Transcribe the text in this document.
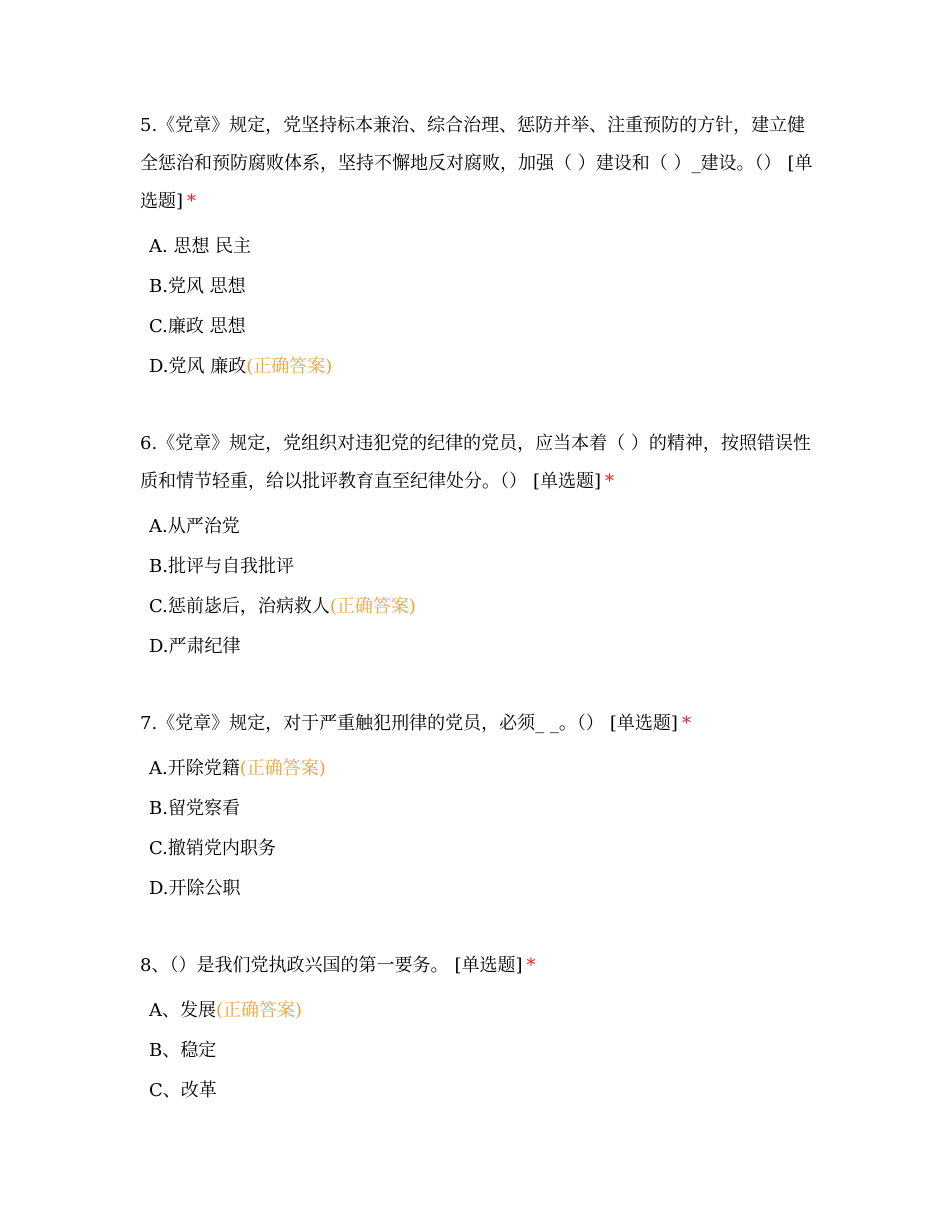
5.《党章》规定，党坚持标本兼治、综合治理、惩防并举、注重预防的方针，建立健全惩治和预防腐败体系，坚持不懈地反对腐败，加强（ ）建设和（ ）_建设。（） [单选题] *

A. 思想 民主
B.党风 思想
C.廉政 思想
D.党风 廉政(正确答案)

6.《党章》规定，党组织对违犯党的纪律的党员，应当本着（ ）的精神，按照错误性质和情节轻重，给以批评教育直至纪律处分。（） [单选题] *

A.从严治党
B.批评与自我批评
C.惩前毖后，治病救人(正确答案)
D.严肃纪律

7.《党章》规定，对于严重触犯刑律的党员，必须_ _。（） [单选题] *

A.开除党籍(正确答案)
B.留党察看
C.撤销党内职务
D.开除公职

8、（）是我们党执政兴国的第一要务。 [单选题] *

A、发展(正确答案)
B、稳定
C、改革
